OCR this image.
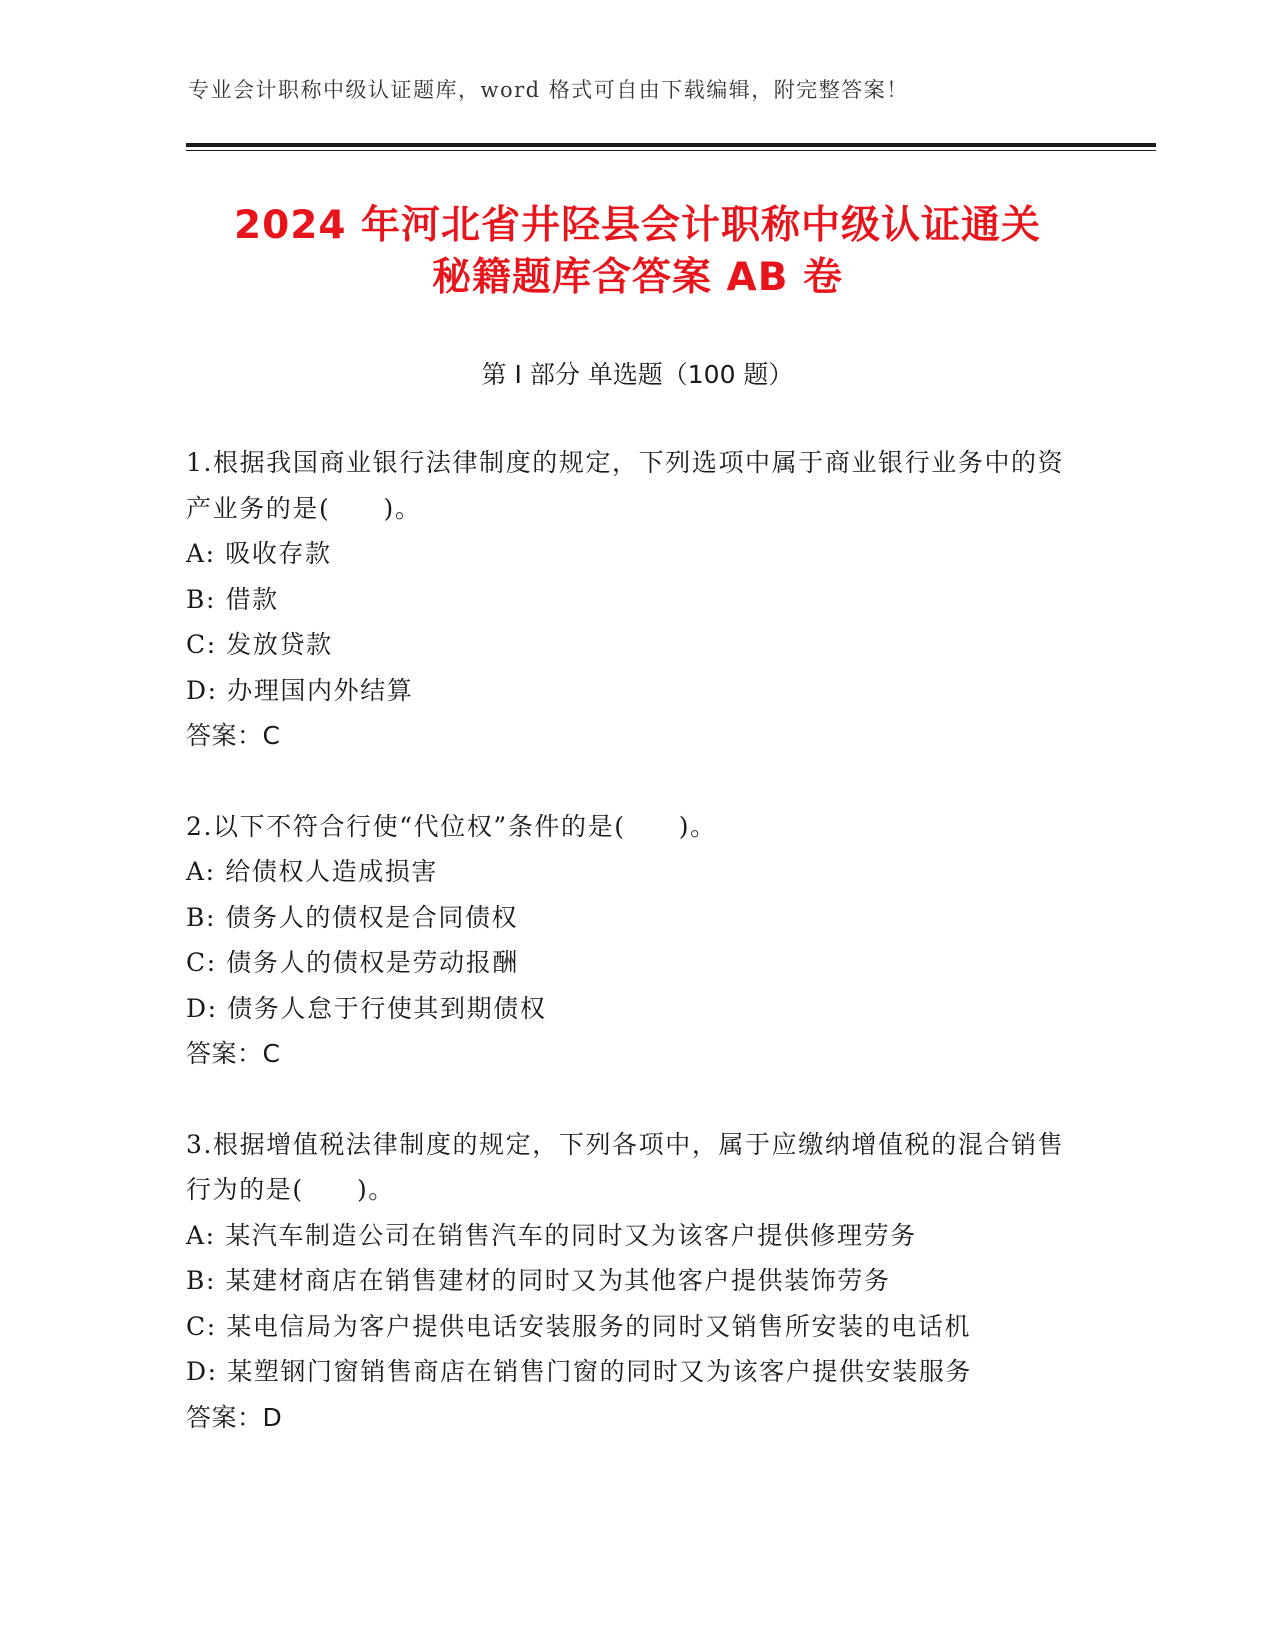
专业会计职称中级认证题库，word 格式可自由下载编辑，附完整答案！
2024 年河北省井陉县会计职称中级认证通关
秘籍题库含答案 AB 卷
第 I 部分 单选题（100 题）

1.根据我国商业银行法律制度的规定，下列选项中属于商业银行业务中的资产业务的是(　　)。

A: 吸收存款

B: 借款

C: 发放贷款

D: 办理国内外结算

答案：C

2.以下不符合行使“代位权”条件的是(　　)。

A: 给债权人造成损害

B: 债务人的债权是合同债权

C: 债务人的债权是劳动报酬

D: 债务人怠于行使其到期债权

答案：C

3.根据增值税法律制度的规定，下列各项中，属于应缴纳增值税的混合销售行为的是(　　)。

A: 某汽车制造公司在销售汽车的同时又为该客户提供修理劳务

B: 某建材商店在销售建材的同时又为其他客户提供装饰劳务

C: 某电信局为客户提供电话安装服务的同时又销售所安装的电话机

D: 某塑钢门窗销售商店在销售门窗的同时又为该客户提供安装服务

答案：D
